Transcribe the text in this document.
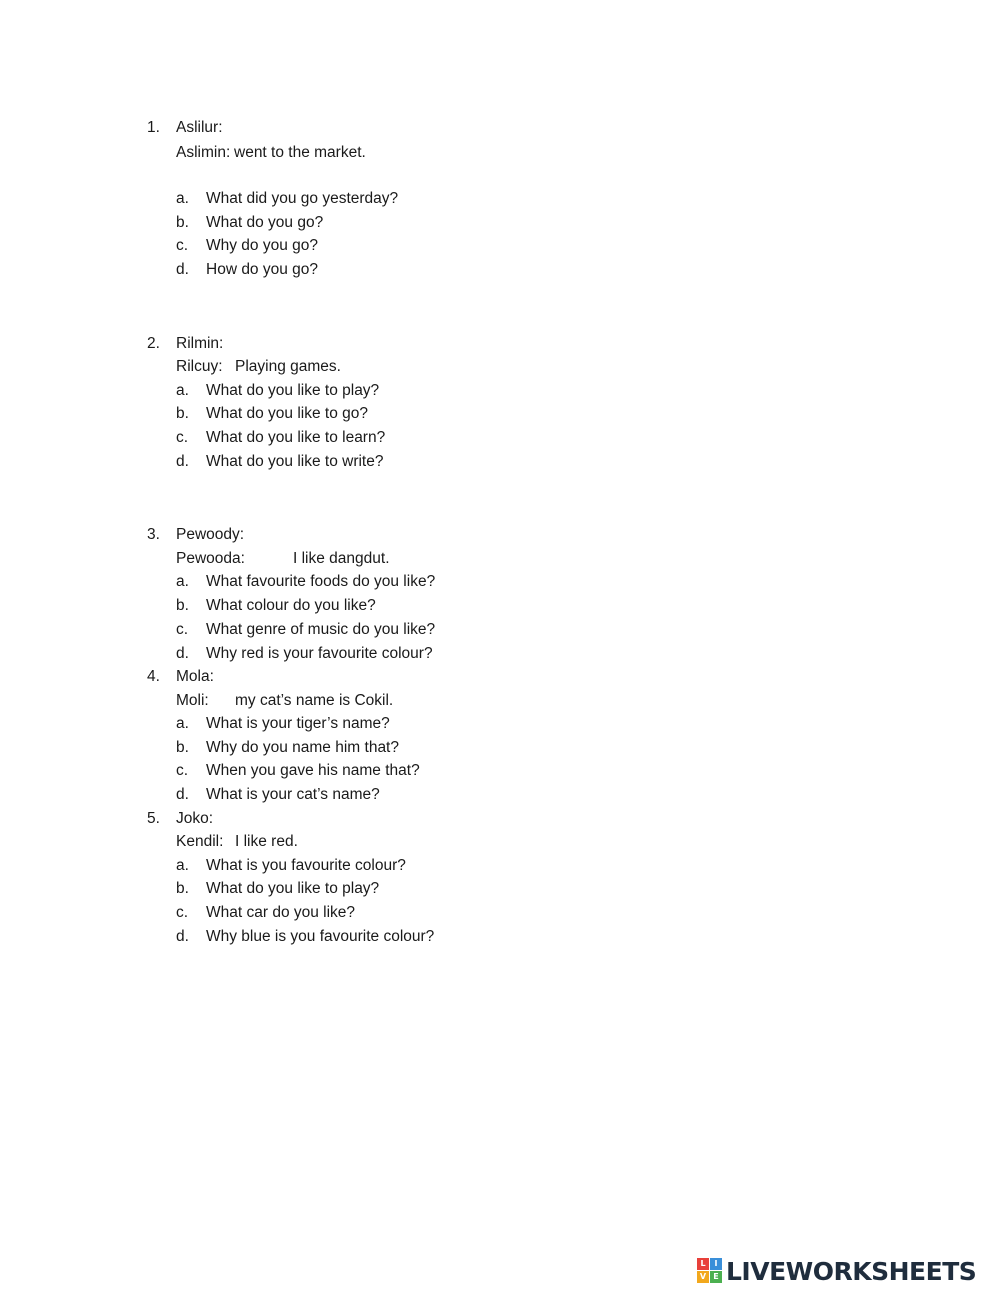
1. Aslilur:
Aslimin: went to the market.
a. What did you go yesterday?
b. What do you go?
c. Why do you go?
d. How do you go?
2. Rilmin:
Rilcuy: Playing games.
a. What do you like to play?
b. What do you like to go?
c. What do you like to learn?
d. What do you like to write?
3. Pewoody:
Pewooda:	I like dangdut.
a. What favourite foods do you like?
b. What colour do you like?
c. What genre of music do you like?
d. Why red is your favourite colour?
4. Mola:
Moli: my cat’s name is Cokil.
a. What is your tiger’s name?
b. Why do you name him that?
c. When you gave his name that?
d. What is your cat’s name?
5. Joko:
Kendil: I like red.
a. What is you favourite colour?
b. What do you like to play?
c. What car do you like?
d. Why blue is you favourite colour?
L	I
V E LIVEWORKSHEETS
